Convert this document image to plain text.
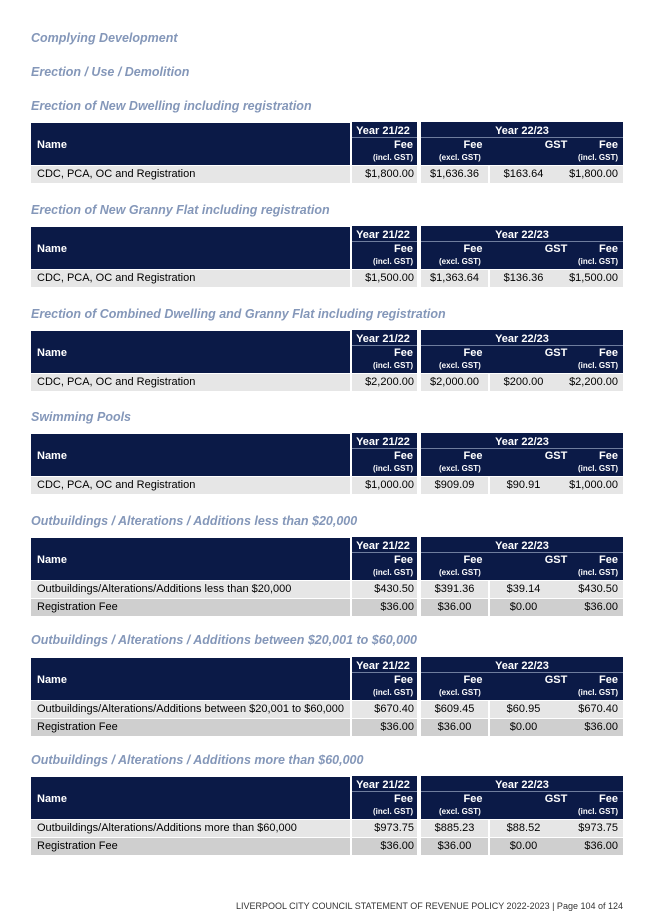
Complying Development
Erection / Use / Demolition
Erection of New Dwelling including registration
Name
Year 21/22
Fee
(incl. GST)
Year 22/23
Fee
(excl. GST)
GST	Fee
(incl. GST)
CDC, PCA, OC and Registration	$1,800.00	$1,636.36	$163.64	$1,800.00
Erection of New Granny Flat including registration
Name
Year 21/22
Fee
(incl. GST)
Year 22/23
Fee
(excl. GST)
GST	Fee
(incl. GST)
CDC, PCA, OC and Registration	$1,500.00	$1,363.64	$136.36	$1,500.00
Erection of Combined Dwelling and Granny Flat including registration
Name
Year 21/22
Fee
(incl. GST)
Year 22/23
Fee
(excl. GST)
GST	Fee
(incl. GST)
CDC, PCA, OC and Registration	$2,200.00	$2,000.00	$200.00	$2,200.00
Swimming Pools
Name
Year 21/22
Fee
(incl. GST)
Year 22/23
Fee
(excl. GST)
GST	Fee
(incl. GST)
CDC, PCA, OC and Registration	$1,000.00	$909.09	$90.91	$1,000.00
Outbuildings / Alterations / Additions less than $20,000
Name
Year 21/22
Fee
(incl. GST)
Year 22/23
Fee
(excl. GST)
GST	Fee
(incl. GST)
Outbuildings/Alterations/Additions less than $20,000	$430.50	$391.36	$39.14	$430.50
Registration Fee	$36.00	$36.00	$0.00	$36.00
Outbuildings / Alterations / Additions between $20,001 to $60,000
Name
Year 21/22
Fee
(incl. GST)
Year 22/23
Fee
(excl. GST)
GST	Fee
(incl. GST)
Outbuildings/Alterations/Additions between $20,001 to $60,000	$670.40	$609.45	$60.95	$670.40
Registration Fee	$36.00	$36.00	$0.00	$36.00
Outbuildings / Alterations / Additions more than $60,000
Name
Year 21/22
Fee
(incl. GST)
Year 22/23
Fee
(excl. GST)
GST	Fee
(incl. GST)
Outbuildings/Alterations/Additions more than $60,000	$973.75	$885.23	$88.52	$973.75
Registration Fee	$36.00	$36.00	$0.00	$36.00
LIVERPOOL CITY COUNCIL STATEMENT OF REVENUE POLICY 2022-2023 | Page 104 of 124
